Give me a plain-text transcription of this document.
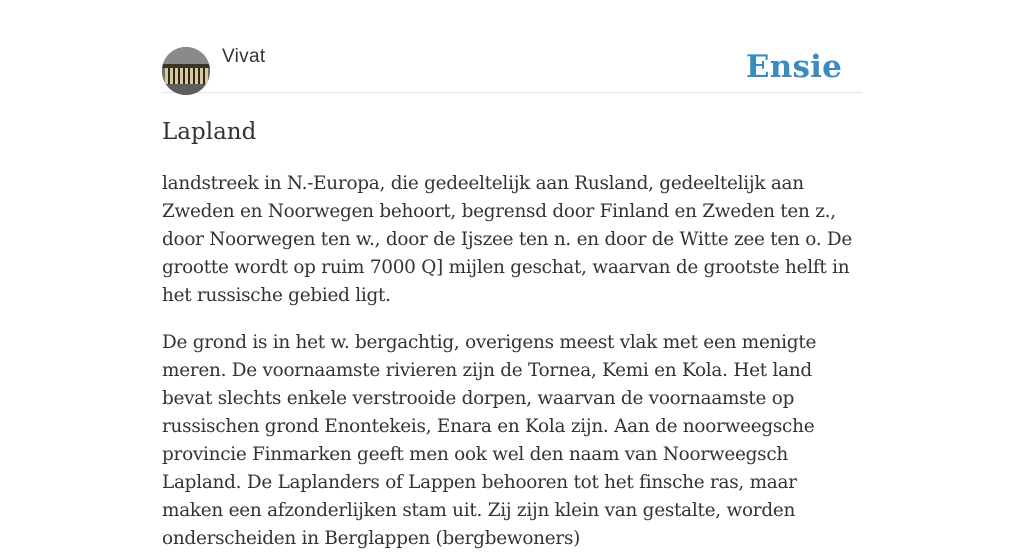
Vivat	Ensie
Lapland

landstreek in N.-Europa, die gedeeltelijk aan Rusland, gedeeltelijk aan Zweden en Noorwegen behoort, begrensd door Finland en Zweden ten z., door Noorwegen ten w., door de Ijszee ten n. en door de Witte zee ten o. De grootte wordt op ruim 7000 Q] mijlen geschat, waarvan de grootste helft in het russische gebied ligt.

De grond is in het w. bergachtig, overigens meest vlak met een menigte meren. De voornaamste rivieren zijn de Tornea, Kemi en Kola. Het land bevat slechts enkele verstrooide dorpen, waarvan de voornaamste op russischen grond Enontekeis, Enara en Kola zijn. Aan de noorweegsche provincie Finmarken geeft men ook wel den naam van Noorweegsch Lapland. De Laplanders of Lappen behooren tot het finsche ras, maar maken een afzonderlijken stam uit. Zij zijn klein van gestalte, worden onderscheiden in Berglappen (bergbewoners)
